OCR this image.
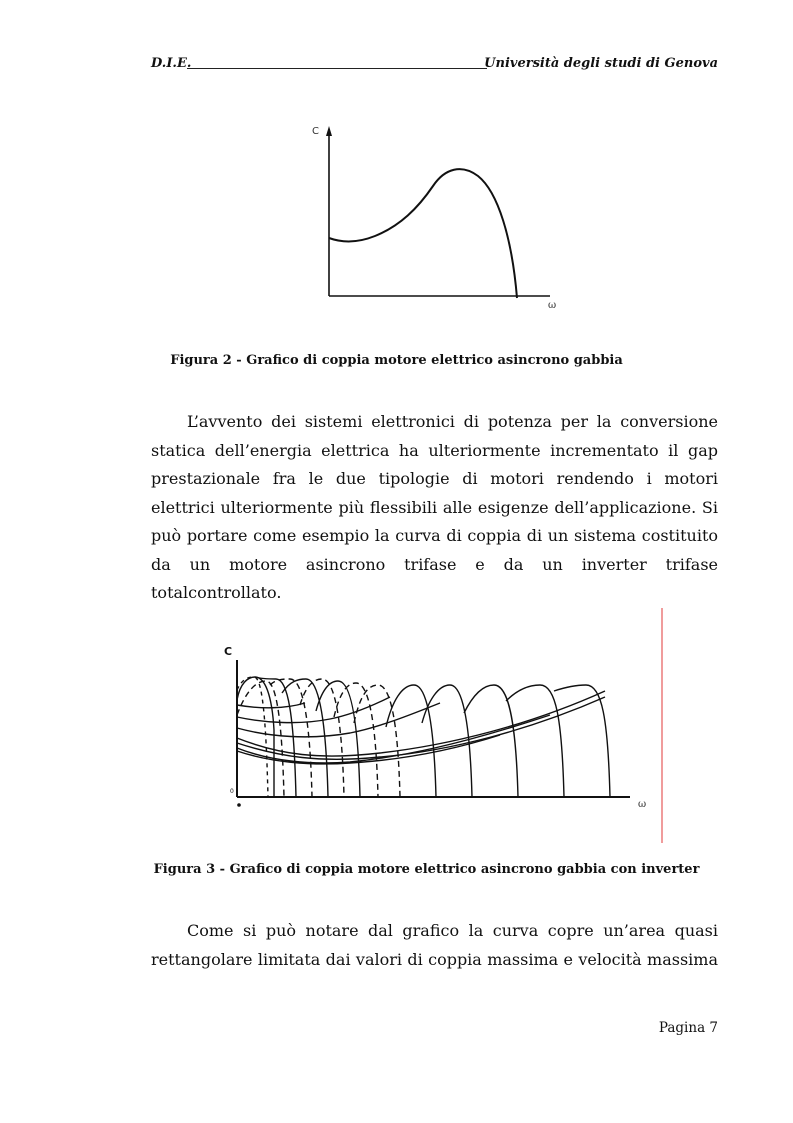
D.I.E.	Università degli studi di Genova
C
ω
Figura 2 - Grafico di coppia motore elettrico asincrono gabbia

L’avvento dei sistemi elettronici di potenza per la conversione statica dell’energia elettrica ha ulteriormente incrementato il gap prestazionale fra le due tipologie di motori rendendo i motori elettrici ulteriormente più flessibili alle esigenze dell’applicazione. Si può portare come esempio la curva di coppia di un sistema costituito da un motore asincrono trifase e da un inverter trifase totalcontrollato.

C
0
ω
Figura 3 - Grafico di coppia motore elettrico asincrono gabbia con inverter

Come si può notare dal grafico la curva copre un’area quasi rettangolare limitata dai valori di coppia massima e velocità massima

Pagina 7
